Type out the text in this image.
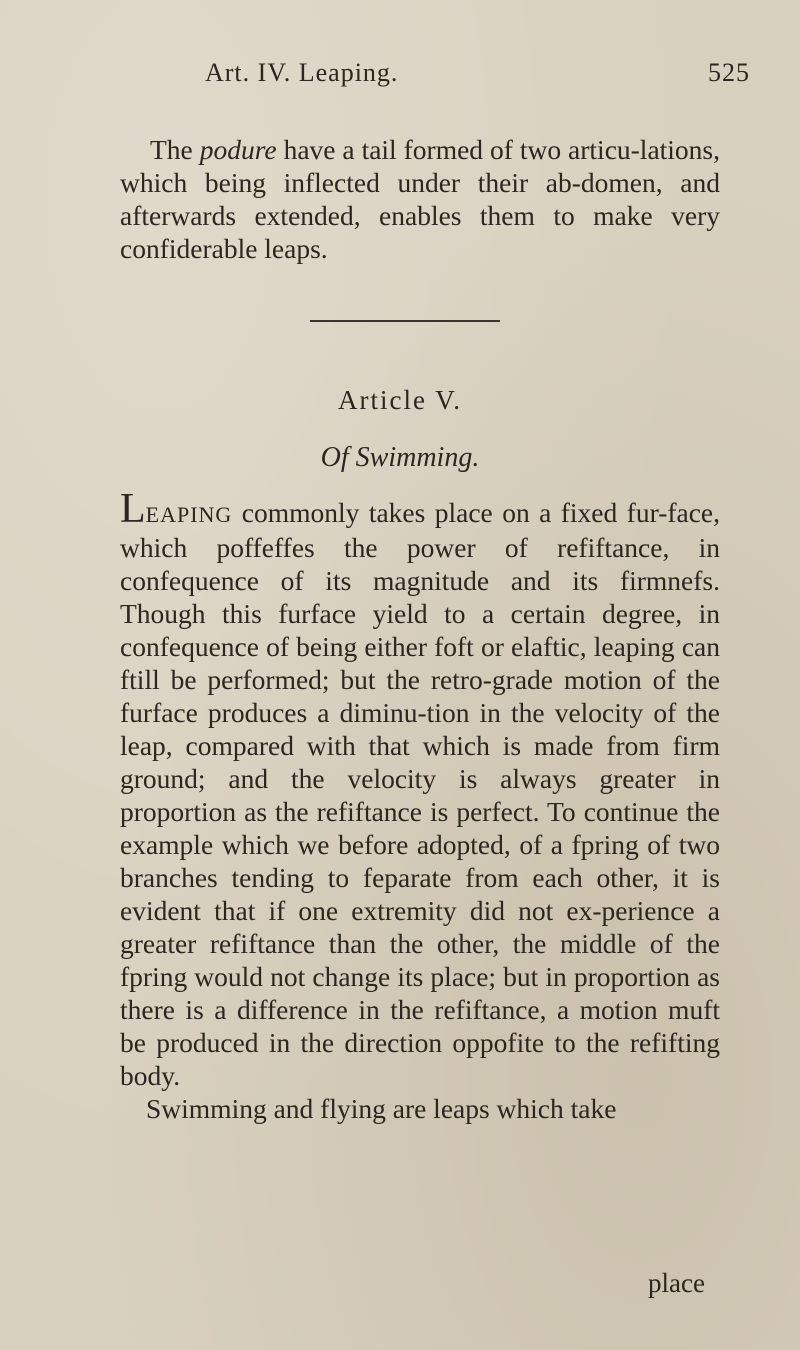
Art. IV. Leaping.	525
The podure have a tail formed of two articu-lations, which being inflected under their ab-domen, and afterwards extended, enables them to make very confiderable leaps.
Article V.
Of Swimming.

LEAPING commonly takes place on a fixed fur-face, which poffeffes the power of refiftance, in confequence of its magnitude and its firmnefs. Though this furface yield to a certain degree, in confequence of being either foft or elaftic, leaping can ftill be performed; but the retro-grade motion of the furface produces a diminu-tion in the velocity of the leap, compared with that which is made from firm ground; and the velocity is always greater in proportion as the refiftance is perfect. To continue the example which we before adopted, of a fpring of two branches tending to feparate from each other, it is evident that if one extremity did not ex-perience a greater refiftance than the other, the middle of the fpring would not change its place; but in proportion as there is a difference in the refiftance, a motion muft be produced in the direction oppofite to the refifting body.

Swimming and flying are leaps which take

place
